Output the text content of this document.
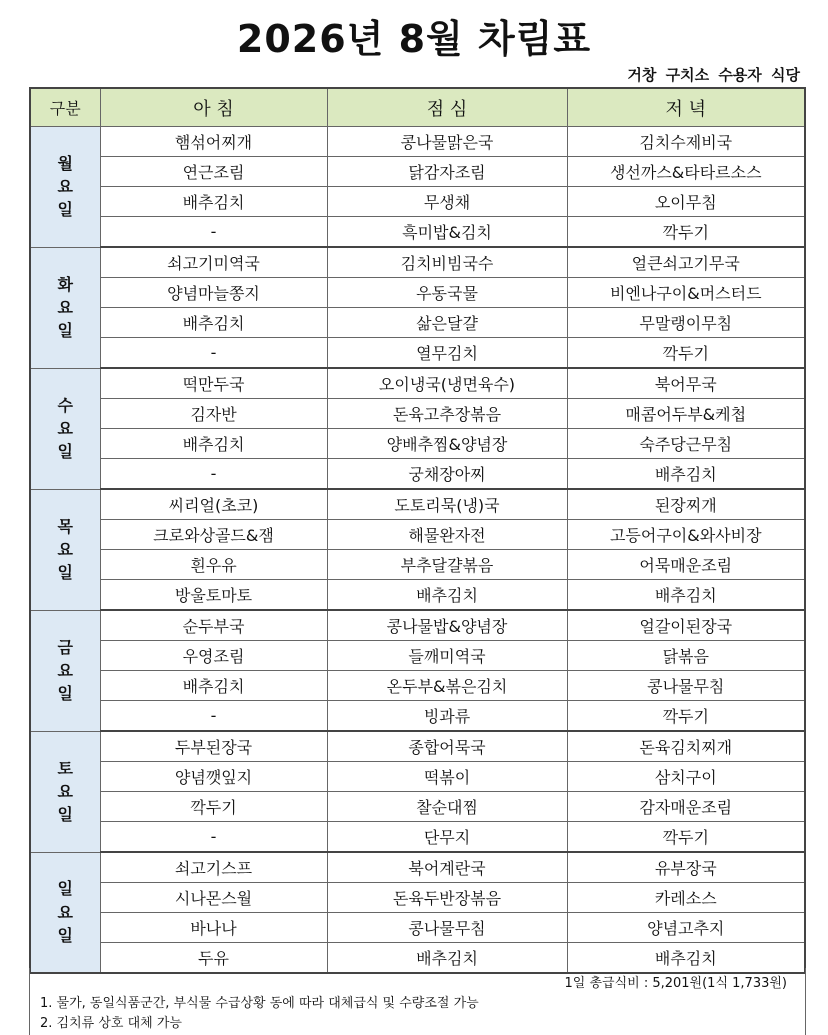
2026년 8월 차림표
거창 구치소 수용자 식당
구분	아 침	점 심	저 녁
월
요
일	햄섞어찌개	콩나물맑은국	김치수제비국
	연근조림	닭감자조림	생선까스&타타르소스
	배추김치	무생채	오이무침
	-	흑미밥&김치	깍두기
화
요
일	쇠고기미역국	김치비빔국수	얼큰쇠고기무국
	양념마늘쫑지	우동국물	비엔나구이&머스터드
	배추김치	삶은달걀	무말랭이무침
	-	열무김치	깍두기
수
요
일	떡만두국	오이냉국(냉면육수)	북어무국
	김자반	돈육고추장볶음	매콤어두부&케첩
	배추김치	양배추찜&양념장	숙주당근무침
	-	궁채장아찌	배추김치
목
요
일	씨리얼(초코)	도토리묵(냉)국	된장찌개
	크로와상골드&잼	해물완자전	고등어구이&와사비장
	흰우유	부추달걀볶음	어묵매운조림
	방울토마토	배추김치	배추김치
금
요
일	순두부국	콩나물밥&양념장	얼갈이된장국
	우영조림	들깨미역국	닭볶음
	배추김치	온두부&볶은김치	콩나물무침
	-	빙과류	깍두기
토
요
일	두부된장국	종합어묵국	돈육김치찌개
	양념깻잎지	떡볶이	삼치구이
	깍두기	찰순대찜	감자매운조림
	-	단무지	깍두기
일
요
일	쇠고기스프	북어계란국	유부장국
	시나몬스월	돈육두반장볶음	카레소스
	바나나	콩나물무침	양념고추지
	두유	배추김치	배추김치
1일 총급식비 : 5,201원(1식 1,733원)
1. 물가, 동일식품군간, 부식물 수급상황 동에 따라 대체급식 및 수량조절 가능
2. 김치류 상호 대체 가능
